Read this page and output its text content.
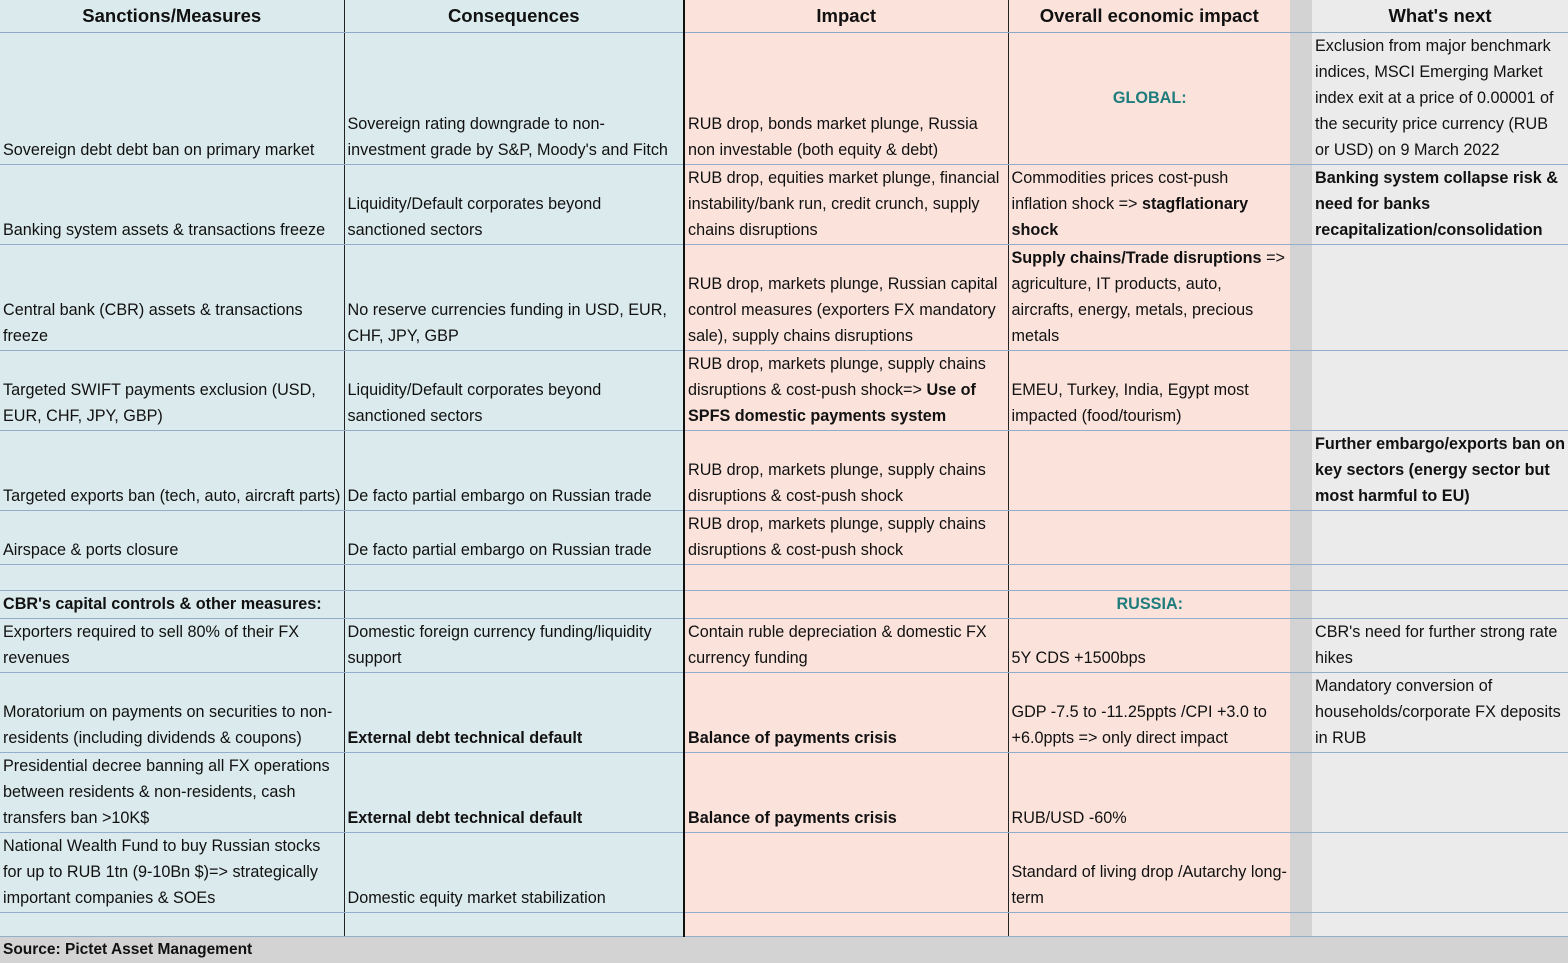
Sanctions/Measures	Consequences	Impact	Overall economic impact		What's next
Sovereign debt debt ban on primary market	Sovereign rating downgrade to non-investment grade by S&P, Moody's and Fitch	RUB drop, bonds market plunge, Russia non investable (both equity & debt)	GLOBAL:		Exclusion from major benchmark indices, MSCI Emerging Market index exit at a price of 0.00001 of the security price currency (RUB or USD) on 9 March 2022
Banking system assets & transactions freeze	Liquidity/Default corporates beyond sanctioned sectors	RUB drop, equities market plunge, financial instability/bank run, credit crunch, supply chains disruptions	Commodities prices cost-push inflation shock => stagflationary shock		Banking system collapse risk & need for banks recapitalization/consolidation
Central bank (CBR) assets & transactions freeze	No reserve currencies funding in USD, EUR, CHF, JPY, GBP	RUB drop, markets plunge, Russian capital control measures (exporters FX mandatory sale), supply chains disruptions	Supply chains/Trade disruptions => agriculture, IT products, auto, aircrafts, energy, metals, precious metals		
Targeted SWIFT payments exclusion (USD, EUR, CHF, JPY, GBP)	Liquidity/Default corporates beyond sanctioned sectors	RUB drop, markets plunge, supply chains disruptions & cost-push shock=> Use of SPFS domestic payments system	EMEU, Turkey, India, Egypt most impacted (food/tourism)		
Targeted exports ban (tech, auto, aircraft parts)	De facto partial embargo on Russian trade	RUB drop, markets plunge, supply chains disruptions & cost-push shock			Further embargo/exports ban on key sectors (energy sector but most harmful to EU)
Airspace & ports closure	De facto partial embargo on Russian trade	RUB drop, markets plunge, supply chains disruptions & cost-push shock			

CBR's capital controls & other measures:			RUSSIA:		
Exporters required to sell 80% of their FX revenues	Domestic foreign currency funding/liquidity support	Contain ruble depreciation & domestic FX currency funding	5Y CDS +1500bps		CBR's need for further strong rate hikes
Moratorium on payments on securities to non-residents (including dividends & coupons)	External debt technical default	Balance of payments crisis	GDP -7.5 to -11.25ppts /CPI +3.0 to +6.0ppts => only direct impact		Mandatory conversion of households/corporate FX deposits in RUB
Presidential decree banning all FX operations between residents & non-residents, cash transfers ban >10K$	External debt technical default	Balance of payments crisis	RUB/USD -60%		
National Wealth Fund to buy Russian stocks for up to RUB 1tn (9-10Bn $)=> strategically important companies & SOEs	Domestic equity market stabilization		Standard of living drop /Autarchy long-term		

Source: Pictet Asset Management
